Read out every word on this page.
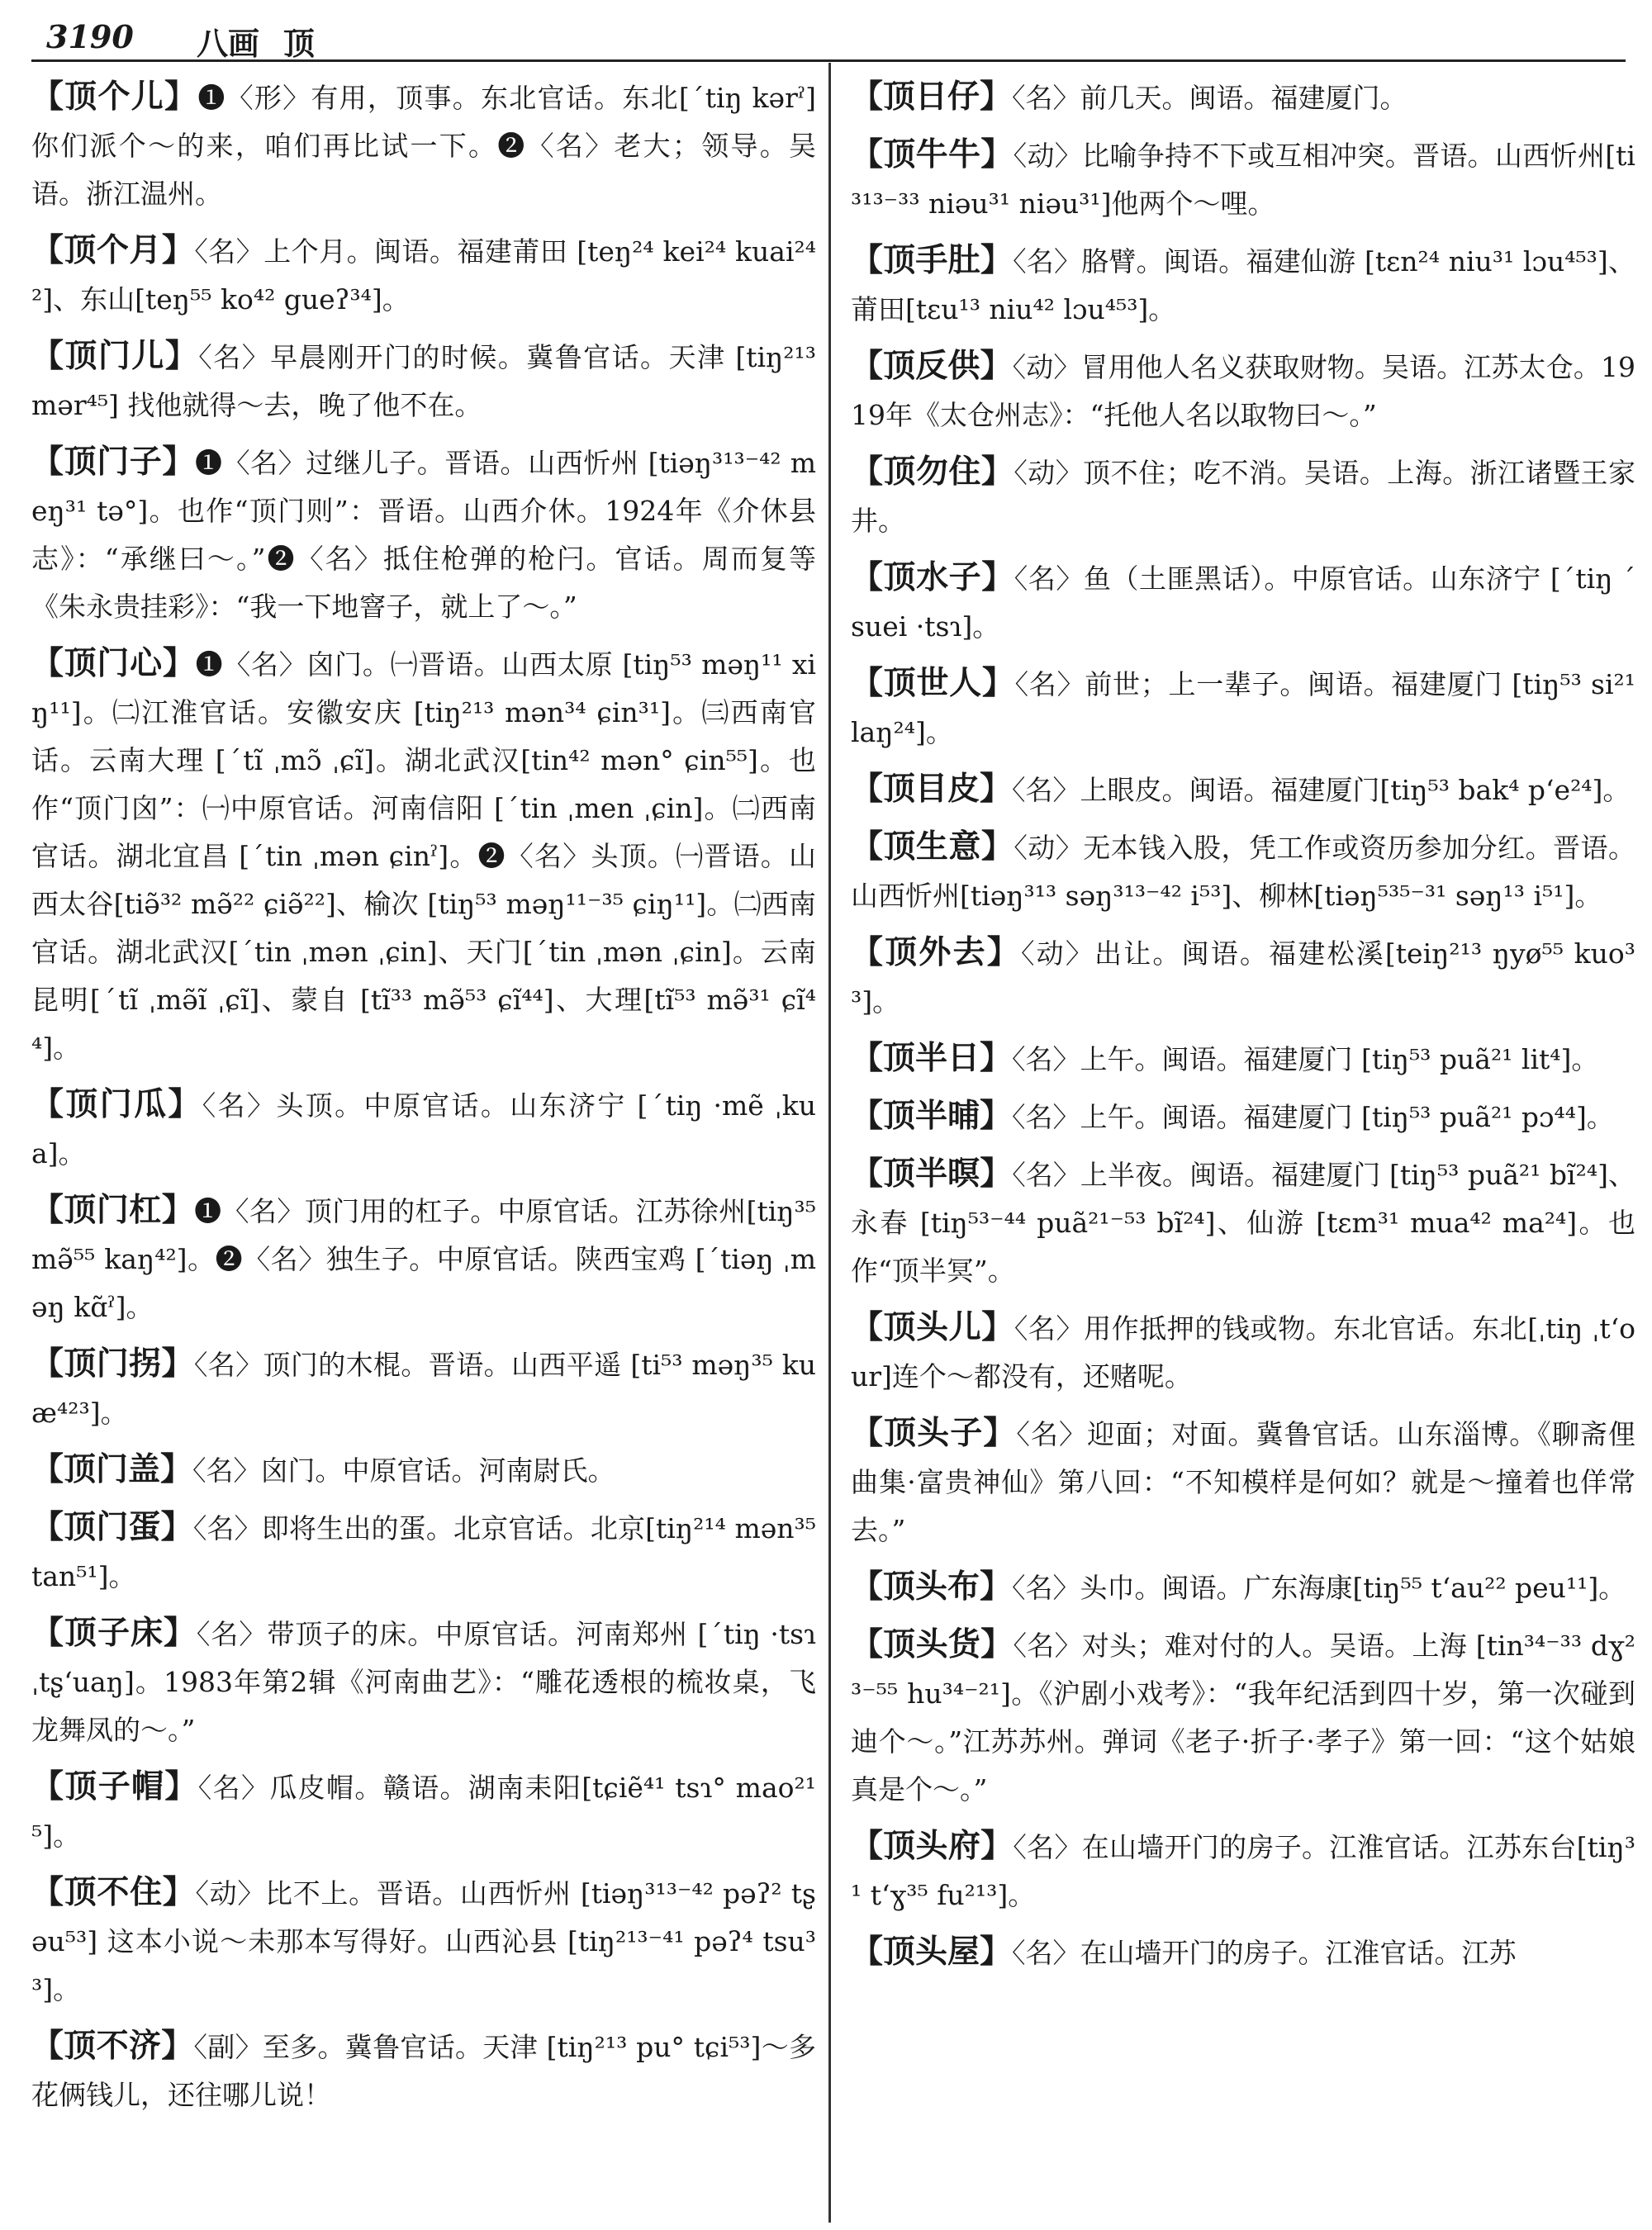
3190 八画 顶
【顶个儿】❶〈形〉有用，顶事。东北官话。东北[ˊtiŋ kərˀ] 你们派个～的来，咱们再比试一下。❷〈名〉老大；领导。吴语。浙江温州。
【顶个月】〈名〉上个月。闽语。福建莆田 [teŋ²⁴ kei²⁴ kuai²⁴²]、东山[teŋ⁵⁵ ko⁴² gueʔ³⁴]。
【顶门儿】〈名〉早晨刚开门的时候。冀鲁官话。天津 [tiŋ²¹³ mər⁴⁵] 找他就得～去，晚了他不在。
【顶门子】❶〈名〉过继儿子。晋语。山西忻州 [tiəŋ³¹³⁻⁴² meŋ³¹ tə°]。也作“顶门则”：晋语。山西介休。1924年《介休县志》：“承继曰～。”❷〈名〉抵住枪弹的枪闩。官话。周而复等《朱永贵挂彩》：“我一下地窨子，就上了～。”
【顶门心】❶〈名〉囟门。㈠晋语。山西太原 [tiŋ⁵³ məŋ¹¹ xiŋ¹¹]。㈡江淮官话。安徽安庆 [tiŋ²¹³ mən³⁴ ɕin³¹]。㈢西南官话。云南大理 [ˊtĩ ˌmɔ̃ ˌɕĩ]。湖北武汉[tin⁴² mən° ɕin⁵⁵]。也作“顶门囟”：㈠中原官话。河南信阳 [ˊtin ˌmen ˌɕin]。㈡西南官话。湖北宜昌 [ˊtin ˌmən ɕinˀ]。❷〈名〉头顶。㈠晋语。山西太谷[tiə̃³² mə̃²² ɕiə̃²²]、榆次 [tiŋ⁵³ məŋ¹¹⁻³⁵ ɕiŋ¹¹]。㈡西南官话。湖北武汉[ˊtin ˌmən ˌɕin]、天门[ˊtin ˌmən ˌɕin]。云南昆明[ˊtĩ ˌmə̃ĩ ˌɕĩ]、蒙自 [tĩ³³ mə̃⁵³ ɕĩ⁴⁴]、大理[tĩ⁵³ mə̃³¹ ɕĩ⁴⁴]。
【顶门瓜】〈名〉头顶。中原官话。山东济宁 [ˊtiŋ ·mẽ ˌkua]。
【顶门杠】❶〈名〉顶门用的杠子。中原官话。江苏徐州[tiŋ³⁵ mə̃⁵⁵ kaŋ⁴²]。❷〈名〉独生子。中原官话。陕西宝鸡 [ˊtiəŋ ˌməŋ kɑ̃ˀ]。
【顶门拐】〈名〉顶门的木棍。晋语。山西平遥 [ti⁵³ məŋ³⁵ kuæ⁴²³]。
【顶门盖】〈名〉囟门。中原官话。河南尉氏。
【顶门蛋】〈名〉即将生出的蛋。北京官话。北京[tiŋ²¹⁴ mən³⁵ tan⁵¹]。
【顶子床】〈名〉带顶子的床。中原官话。河南郑州 [ˊtiŋ ·tsɿ ˌtʂʻuaŋ]。1983年第2辑《河南曲艺》：“雕花透根的梳妆桌，飞龙舞凤的～。”
【顶子帽】〈名〉瓜皮帽。赣语。湖南耒阳[tɕiẽ⁴¹ tsɿ° mao²¹⁵]。
【顶不住】〈动〉比不上。晋语。山西忻州 [tiəŋ³¹³⁻⁴² pəʔ² tʂəu⁵³] 这本小说～未那本写得好。山西沁县 [tiŋ²¹³⁻⁴¹ pəʔ⁴ tsu³³]。
【顶不济】〈副〉至多。冀鲁官话。天津 [tiŋ²¹³ pu° tɕi⁵³]～多花俩钱儿，还往哪儿说！
【顶日仔】〈名〉前几天。闽语。福建厦门。
【顶牛牛】〈动〉比喻争持不下或互相冲突。晋语。山西忻州[ti³¹³⁻³³ niəu³¹ niəu³¹]他两个～哩。
【顶手肚】〈名〉胳臂。闽语。福建仙游 [tɛn²⁴ niu³¹ lɔu⁴⁵³]、莆田[tɛu¹³ niu⁴² lɔu⁴⁵³]。
【顶反供】〈动〉冒用他人名义获取财物。吴语。江苏太仓。1919年《太仓州志》：“托他人名以取物曰～。”
【顶勿住】〈动〉顶不住；吃不消。吴语。上海。浙江诸暨王家井。
【顶水子】〈名〉鱼（土匪黑话）。中原官话。山东济宁 [ˊtiŋ ˊsuei ·tsɿ]。
【顶世人】〈名〉前世；上一辈子。闽语。福建厦门 [tiŋ⁵³ si²¹ laŋ²⁴]。
【顶目皮】〈名〉上眼皮。闽语。福建厦门[tiŋ⁵³ bak⁴ pʻe²⁴]。
【顶生意】〈动〉无本钱入股，凭工作或资历参加分红。晋语。山西忻州[tiəŋ³¹³ səŋ³¹³⁻⁴² i⁵³]、柳林[tiəŋ⁵³⁵⁻³¹ səŋ¹³ i⁵¹]。
【顶外去】〈动〉出让。闽语。福建松溪[teiŋ²¹³ ŋyø⁵⁵ kuo³³]。
【顶半日】〈名〉上午。闽语。福建厦门 [tiŋ⁵³ puã²¹ lit⁴]。
【顶半晡】〈名〉上午。闽语。福建厦门 [tiŋ⁵³ puã²¹ pɔ⁴⁴]。
【顶半暝】〈名〉上半夜。闽语。福建厦门 [tiŋ⁵³ puã²¹ bĩ²⁴]、永春 [tiŋ⁵³⁻⁴⁴ puã²¹⁻⁵³ bĩ²⁴]、仙游 [tɛm³¹ mua⁴² ma²⁴]。也作“顶半冥”。
【顶头儿】〈名〉用作抵押的钱或物。东北官话。东北[ˌtiŋ ˌtʻour]连个～都没有，还赌呢。
【顶头子】〈名〉迎面；对面。冀鲁官话。山东淄博。《聊斋俚曲集·富贵神仙》第八回：“不知模样是何如？就是～撞着也佯常去。”
【顶头布】〈名〉头巾。闽语。广东海康[tiŋ⁵⁵ tʻau²² peu¹¹]。
【顶头货】〈名〉对头；难对付的人。吴语。上海 [tin³⁴⁻³³ dɣ²³⁻⁵⁵ hu³⁴⁻²¹]。《沪剧小戏考》：“我年纪活到四十岁，第一次碰到迪个～。”江苏苏州。弹词《老子·折子·孝子》第一回：“这个姑娘真是个～。”
【顶头府】〈名〉在山墙开门的房子。江淮官话。江苏东台[tiŋ³¹ tʻɣ³⁵ fu²¹³]。
【顶头屋】〈名〉在山墙开门的房子。江淮官话。江苏
